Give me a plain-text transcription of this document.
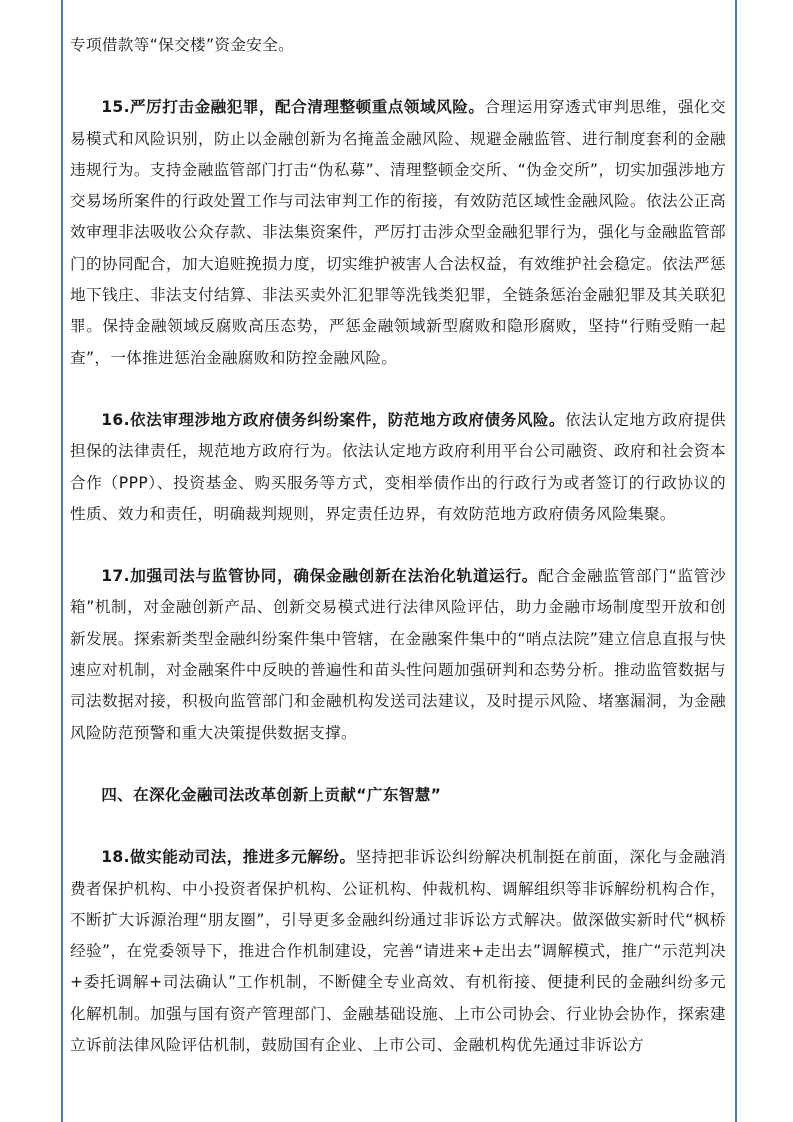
专项借款等“保交楼”资金安全。

15.严厉打击金融犯罪，配合清理整顿重点领域风险。合理运用穿透式审判思维，强化交易模式和风险识别，防止以金融创新为名掩盖金融风险、规避金融监管、进行制度套利的金融违规行为。支持金融监管部门打击“伪私募”、清理整顿金交所、“伪金交所”，切实加强涉地方交易场所案件的行政处置工作与司法审判工作的衔接，有效防范区域性金融风险。依法公正高效审理非法吸收公众存款、非法集资案件，严厉打击涉众型金融犯罪行为，强化与金融监管部门的协同配合，加大追赃挽损力度，切实维护被害人合法权益，有效维护社会稳定。依法严惩地下钱庄、非法支付结算、非法买卖外汇犯罪等洗钱类犯罪，全链条惩治金融犯罪及其关联犯罪。保持金融领域反腐败高压态势，严惩金融领域新型腐败和隐形腐败，坚持“行贿受贿一起查”，一体推进惩治金融腐败和防控金融风险。

16.依法审理涉地方政府债务纠纷案件，防范地方政府债务风险。依法认定地方政府提供担保的法律责任，规范地方政府行为。依法认定地方政府利用平台公司融资、政府和社会资本合作（PPP）、投资基金、购买服务等方式，变相举债作出的行政行为或者签订的行政协议的性质、效力和责任，明确裁判规则，界定责任边界，有效防范地方政府债务风险集聚。

17.加强司法与监管协同，确保金融创新在法治化轨道运行。配合金融监管部门“监管沙箱”机制，对金融创新产品、创新交易模式进行法律风险评估，助力金融市场制度型开放和创新发展。探索新类型金融纠纷案件集中管辖，在金融案件集中的“哨点法院”建立信息直报与快速应对机制，对金融案件中反映的普遍性和苗头性问题加强研判和态势分析。推动监管数据与司法数据对接，积极向监管部门和金融机构发送司法建议，及时提示风险、堵塞漏洞，为金融风险防范预警和重大决策提供数据支撑。

四、在深化金融司法改革创新上贡献“广东智慧”

18.做实能动司法，推进多元解纷。坚持把非诉讼纠纷解决机制挺在前面，深化与金融消费者保护机构、中小投资者保护机构、公证机构、仲裁机构、调解组织等非诉解纷机构合作，不断扩大诉源治理“朋友圈”，引导更多金融纠纷通过非诉讼方式解决。做深做实新时代“枫桥经验”，在党委领导下，推进合作机制建设，完善“请进来+走出去”调解模式，推广“示范判决+委托调解+司法确认”工作机制，不断健全专业高效、有机衔接、便捷利民的金融纠纷多元化解机制。加强与国有资产管理部门、金融基础设施、上市公司协会、行业协会协作，探索建立诉前法律风险评估机制，鼓励国有企业、上市公司、金融机构优先通过非诉讼方
